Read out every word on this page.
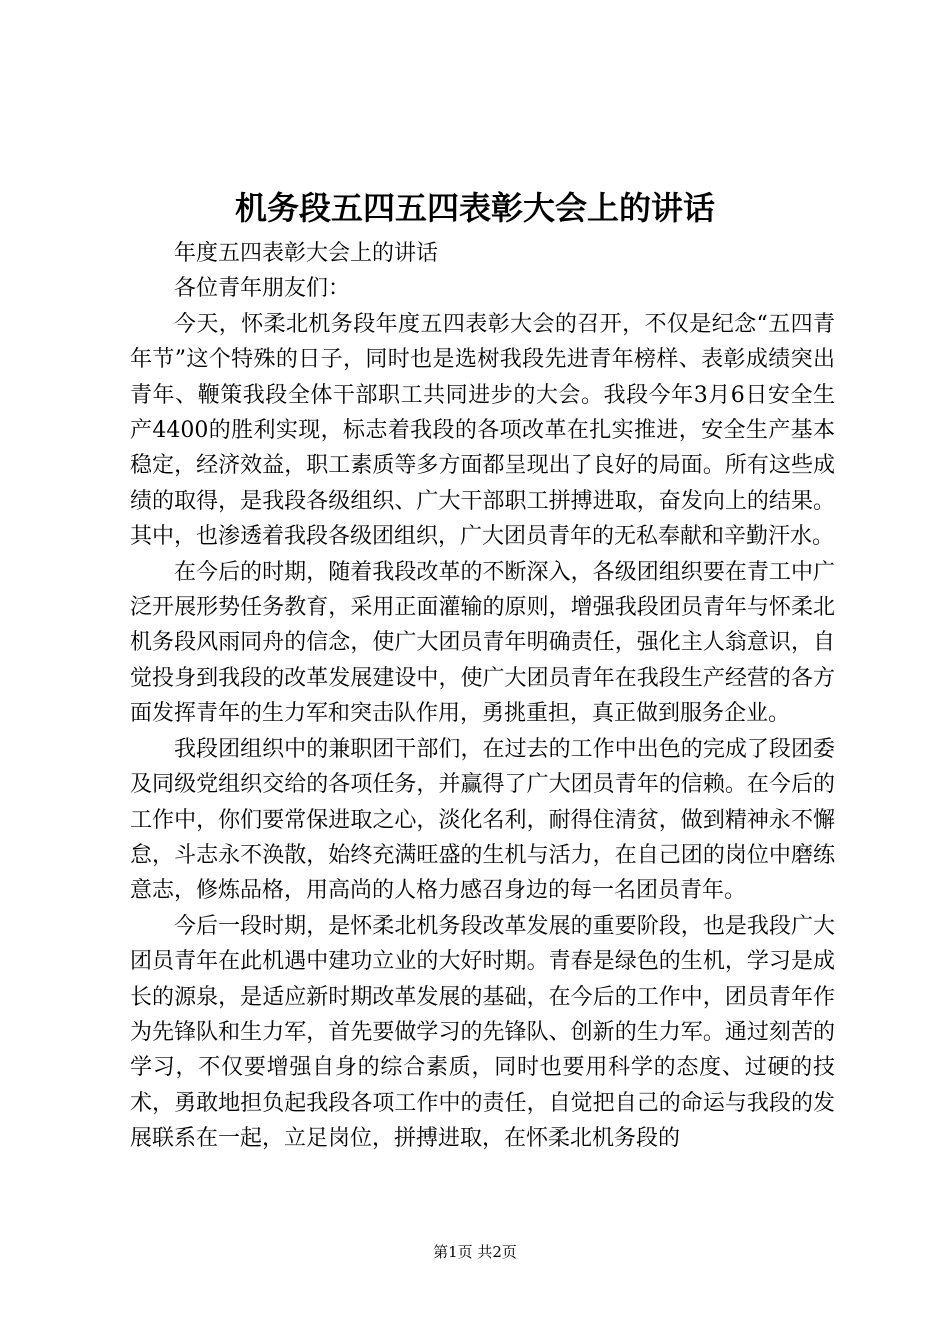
机务段五四五四表彰大会上的讲话

年度五四表彰大会上的讲话

各位青年朋友们：

今天，怀柔北机务段年度五四表彰大会的召开，不仅是纪念“五四青年节”这个特殊的日子，同时也是选树我段先进青年榜样、表彰成绩突出青年、鞭策我段全体干部职工共同进步的大会。我段今年3月6日安全生产4400的胜利实现，标志着我段的各项改革在扎实推进，安全生产基本稳定，经济效益，职工素质等多方面都呈现出了良好的局面。所有这些成绩的取得，是我段各级组织、广大干部职工拼搏进取，奋发向上的结果。其中，也渗透着我段各级团组织，广大团员青年的无私奉献和辛勤汗水。

在今后的时期，随着我段改革的不断深入，各级团组织要在青工中广泛开展形势任务教育，采用正面灌输的原则，增强我段团员青年与怀柔北机务段风雨同舟的信念，使广大团员青年明确责任，强化主人翁意识，自觉投身到我段的改革发展建设中，使广大团员青年在我段生产经营的各方面发挥青年的生力军和突击队作用，勇挑重担，真正做到服务企业。

我段团组织中的兼职团干部们，在过去的工作中出色的完成了段团委及同级党组织交给的各项任务，并赢得了广大团员青年的信赖。在今后的工作中，你们要常保进取之心，淡化名利，耐得住清贫，做到精神永不懈怠，斗志永不涣散，始终充满旺盛的生机与活力，在自己团的岗位中磨练意志，修炼品格，用高尚的人格力感召身边的每一名团员青年。

今后一段时期，是怀柔北机务段改革发展的重要阶段，也是我段广大团员青年在此机遇中建功立业的大好时期。青春是绿色的生机，学习是成长的源泉，是适应新时期改革发展的基础，在今后的工作中，团员青年作为先锋队和生力军，首先要做学习的先锋队、创新的生力军。通过刻苦的学习，不仅要增强自身的综合素质，同时也要用科学的态度、过硬的技术，勇敢地担负起我段各项工作中的责任，自觉把自己的命运与我段的发展联系在一起，立足岗位，拼搏进取，在怀柔北机务段的

第1页 共2页
